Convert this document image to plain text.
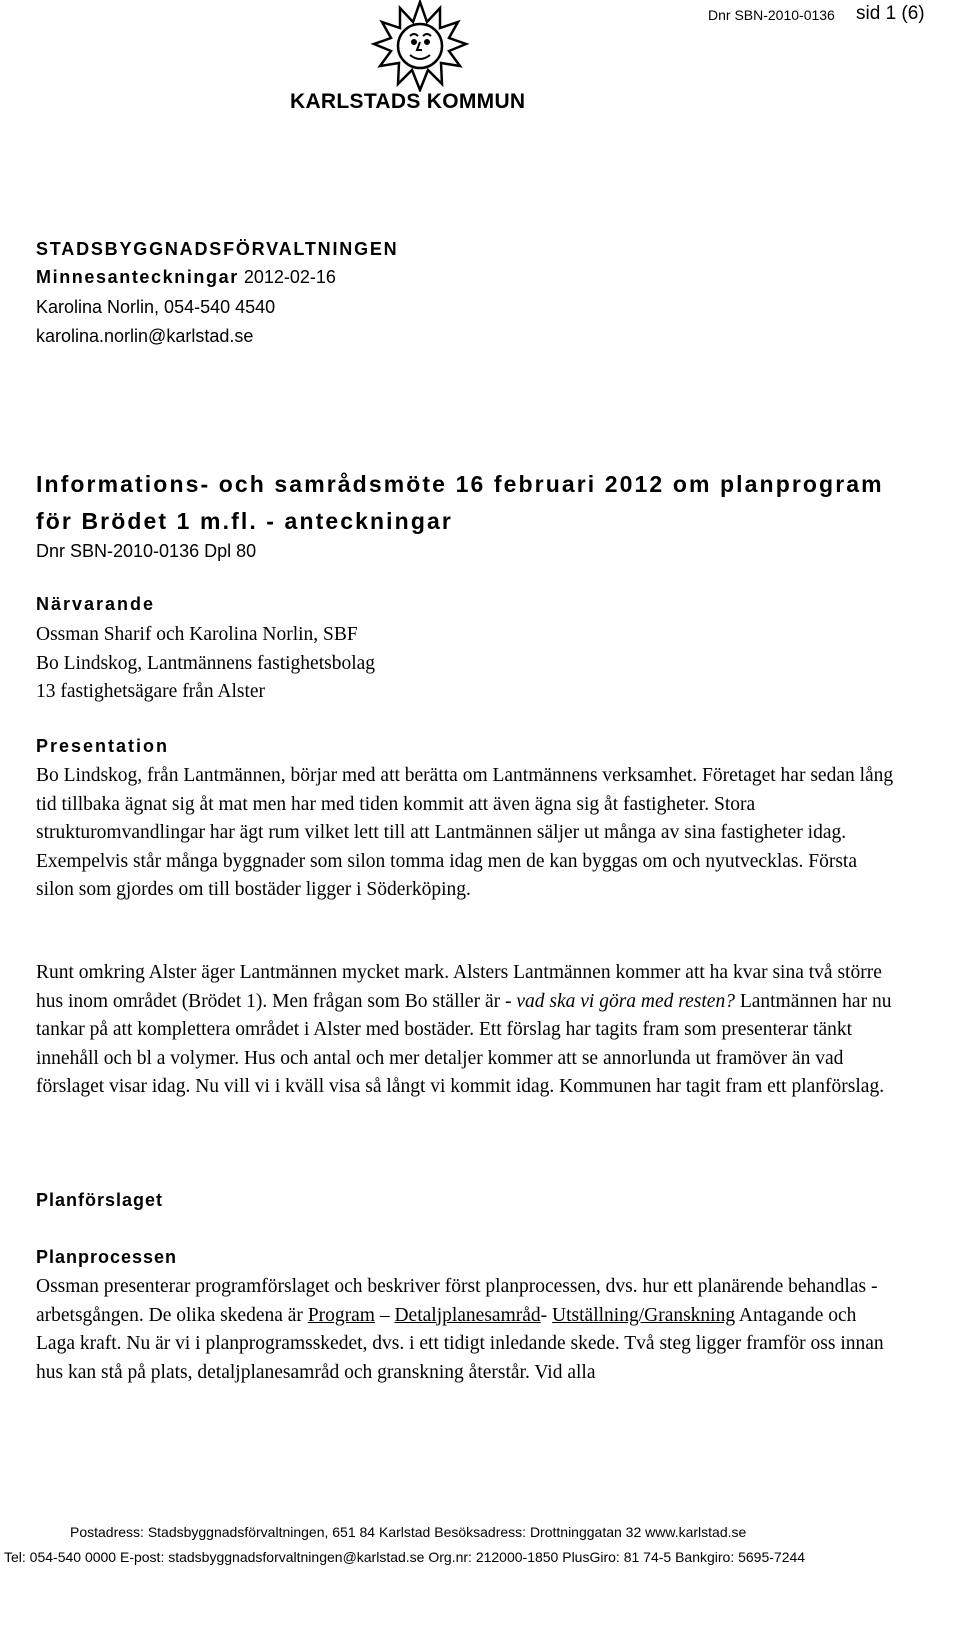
Dnr SBN-2010-0136 sid 1 (6)
KARLSTADS KOMMUN
STADSBYGGNADSFÖRVALTNINGEN
Minnesanteckningar 2012-02-16
Karolina Norlin, 054-540 4540
karolina.norlin@karlstad.se
Informations- och samrådsmöte 16 februari 2012 om planprogram för Brödet 1 m.fl. - anteckningar
Dnr SBN-2010-0136 Dpl 80
Närvarande
Ossman Sharif och Karolina Norlin, SBF
Bo Lindskog, Lantmännens fastighetsbolag
13 fastighetsägare från Alster
Presentation

Bo Lindskog, från Lantmännen, börjar med att berätta om Lantmännens verksamhet. Företaget har sedan lång tid tillbaka ägnat sig åt mat men har med tiden kommit att även ägna sig åt fastigheter. Stora strukturomvandlingar har ägt rum vilket lett till att Lantmännen säljer ut många av sina fastigheter idag. Exempelvis står många byggnader som silon tomma idag men de kan byggas om och nyutvecklas. Första silon som gjordes om till bostäder ligger i Söderköping.

Runt omkring Alster äger Lantmännen mycket mark. Alsters Lantmännen kommer att ha kvar sina två större hus inom området (Brödet 1). Men frågan som Bo ställer är - vad ska vi göra med resten? Lantmännen har nu tankar på att komplettera området i Alster med bostäder. Ett förslag har tagits fram som presenterar tänkt innehåll och bl a volymer. Hus och antal och mer detaljer kommer att se annorlunda ut framöver än vad förslaget visar idag. Nu vill vi i kväll visa så långt vi kommit idag. Kommunen har tagit fram ett planförslag.

Planförslaget
Planprocessen

Ossman presenterar programförslaget och beskriver först planprocessen, dvs. hur ett planärende behandlas - arbetsgången. De olika skedena är Program – Detaljplanesamråd- Utställning/Granskning Antagande och Laga kraft. Nu är vi i planprogramsskedet, dvs. i ett tidigt inledande skede. Två steg ligger framför oss innan hus kan stå på plats, detaljplanesamråd och granskning återstår. Vid alla

Postadress: Stadsbyggnadsförvaltningen, 651 84 Karlstad Besöksadress: Drottninggatan 32 www.karlstad.se
Tel: 054-540 0000 E-post: stadsbyggnadsforvaltningen@karlstad.se Org.nr: 212000-1850 PlusGiro: 81 74-5 Bankgiro: 5695-7244
